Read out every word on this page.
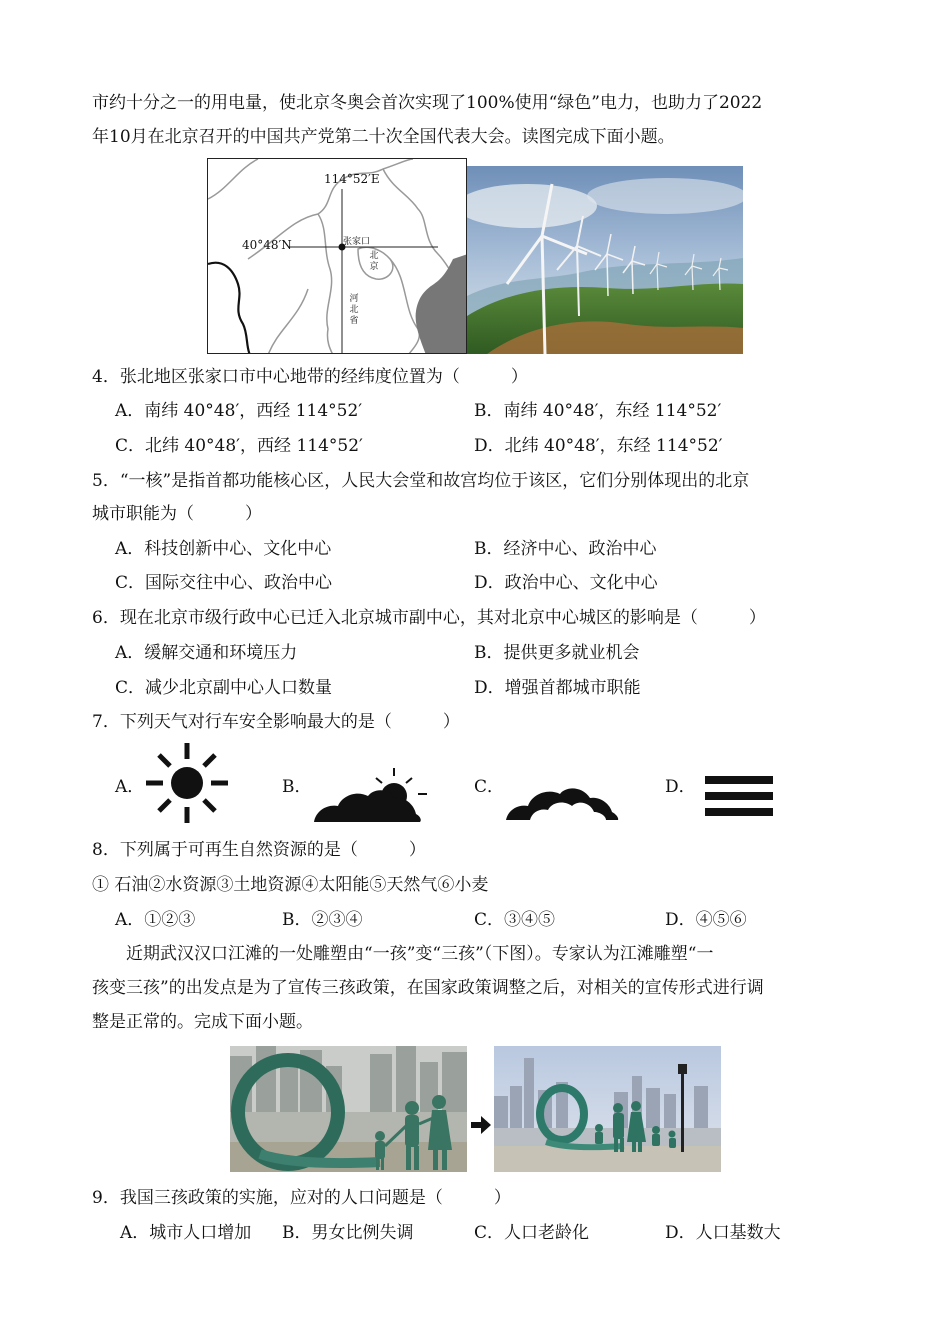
市约十分之一的用电量，使北京冬奥会首次实现了100%使用“绿色”电力，也助力了2022
年10月在北京召开的中国共产党第二十次全国代表大会。读图完成下面小题。
114°52′E
40°48′N	张家口
北京
河北省
4．张北地区张家口市中心地带的经纬度位置为（　　　）
A．南纬 40°48′，西经 114°52′	B．南纬 40°48′，东经 114°52′
C．北纬 40°48′，西经 114°52′	D．北纬 40°48′，东经 114°52′
5．“一核”是指首都功能核心区，人民大会堂和故宫均位于该区，它们分别体现出的北京
城市职能为（　　　）
A．科技创新中心、文化中心	B．经济中心、政治中心
C．国际交往中心、政治中心	D．政治中心、文化中心
6．现在北京市级行政中心已迁入北京城市副中心，其对北京中心城区的影响是（　　　）
A．缓解交通和环境压力	B．提供更多就业机会
C．减少北京副中心人口数量	D．增强首都城市职能
7．下列天气对行车安全影响最大的是（　　　）
A．	B．	C．	D．
8．下列属于可再生自然资源的是（　　　）
① 石油②水资源③土地资源④太阳能⑤天然气⑥小麦
A．①②③	B．②③④	C．③④⑤	D．④⑤⑥
近期武汉汉口江滩的一处雕塑由“一孩”变“三孩”（下图）。专家认为江滩雕塑“一
孩变三孩”的出发点是为了宣传三孩政策，在国家政策调整之后，对相关的宣传形式进行调
整是正常的。完成下面小题。
9．我国三孩政策的实施，应对的人口问题是（　　　）
A．城市人口增加 B．男女比例失调	C．人口老龄化	D．人口基数大
